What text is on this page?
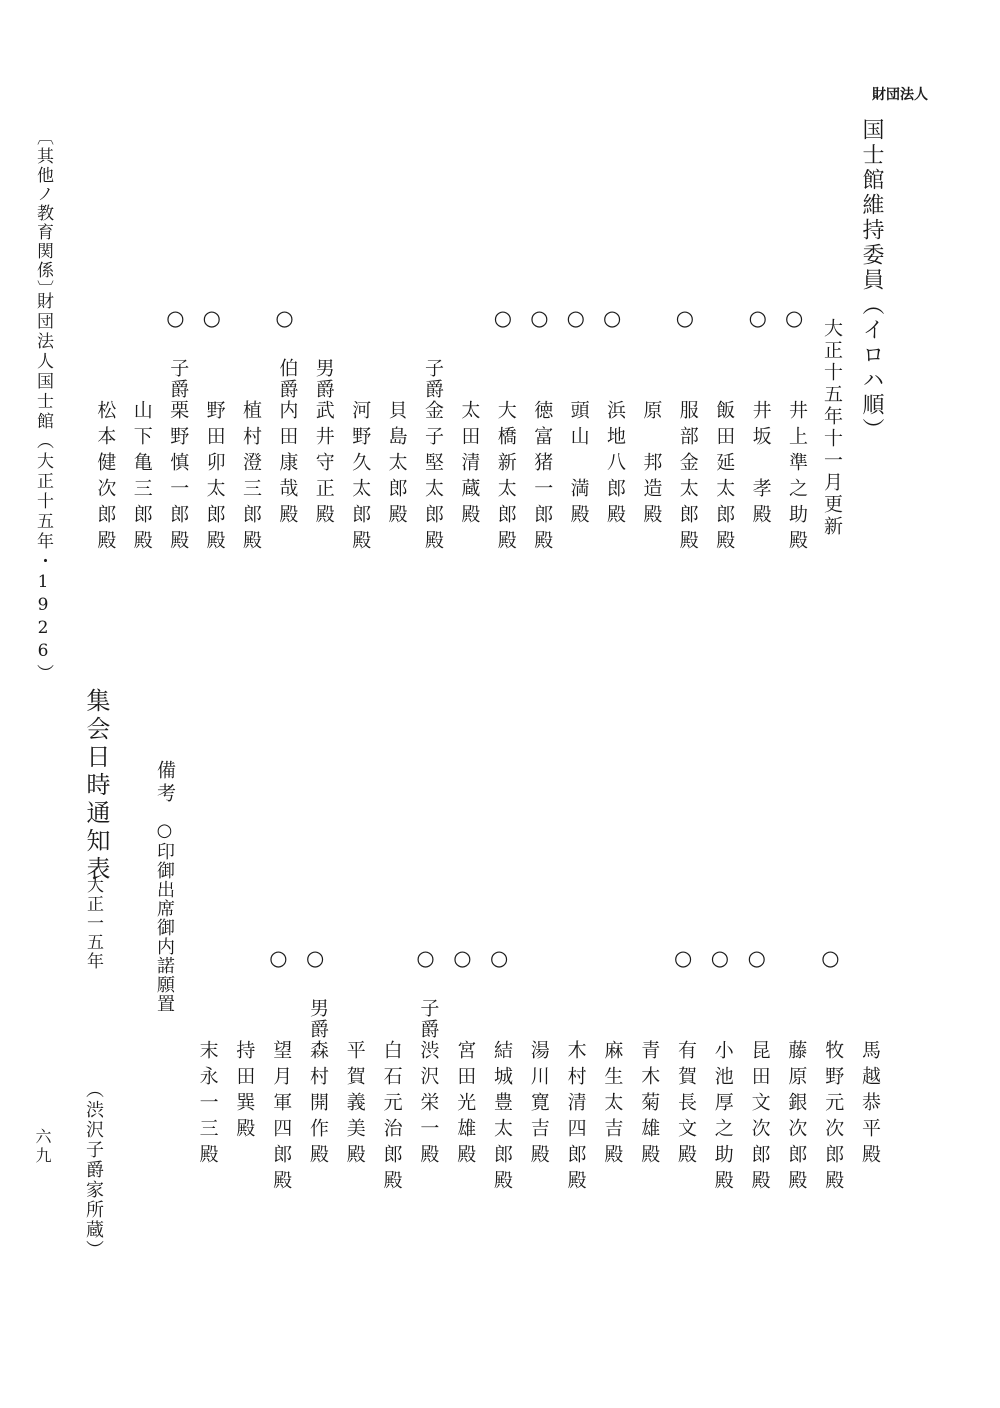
財団法人
国士館維持委員（イロハ順）
大正十五年十一月更新
〔其他ノ教育関係〕
財団法人国士館（大正十五年・1926）	○
井上準之助殿
○
井坂　孝殿
飯田延太郎殿
○
服部金太郎殿
原　邦造殿
○
浜地八郎殿
○
頭山　満殿
○
徳富猪一郎殿
○
大橋新太郎殿
太田清蔵殿
子爵
金子堅太郎殿
貝島太郎殿
河野久太郎殿
男爵
武井守正殿
○
伯爵
内田康哉殿
植村澄三郎殿
○
野田卯太郎殿
○
子爵
栗野慎一郎殿
山下亀三郎殿
松本健次郎殿
馬越恭平殿
○
牧野元次郎殿
藤原銀次郎殿
○
昆田文次郎殿
○
小池厚之助殿
○
有賀長文殿
青木菊雄殿
麻生太吉殿
木村清四郎殿
湯川寛吉殿
○
結城豊太郎殿
○
宮田光雄殿
○
子爵
渋沢栄一殿
白石元治郎殿
平賀義美殿
○
男爵
森村開作殿
○
望月軍四郎殿
持田巽殿
末永一三殿
備考
○印御出席御内諾願置
集会日時通知表
大正一五年
（渋沢子爵家所蔵）
六九
